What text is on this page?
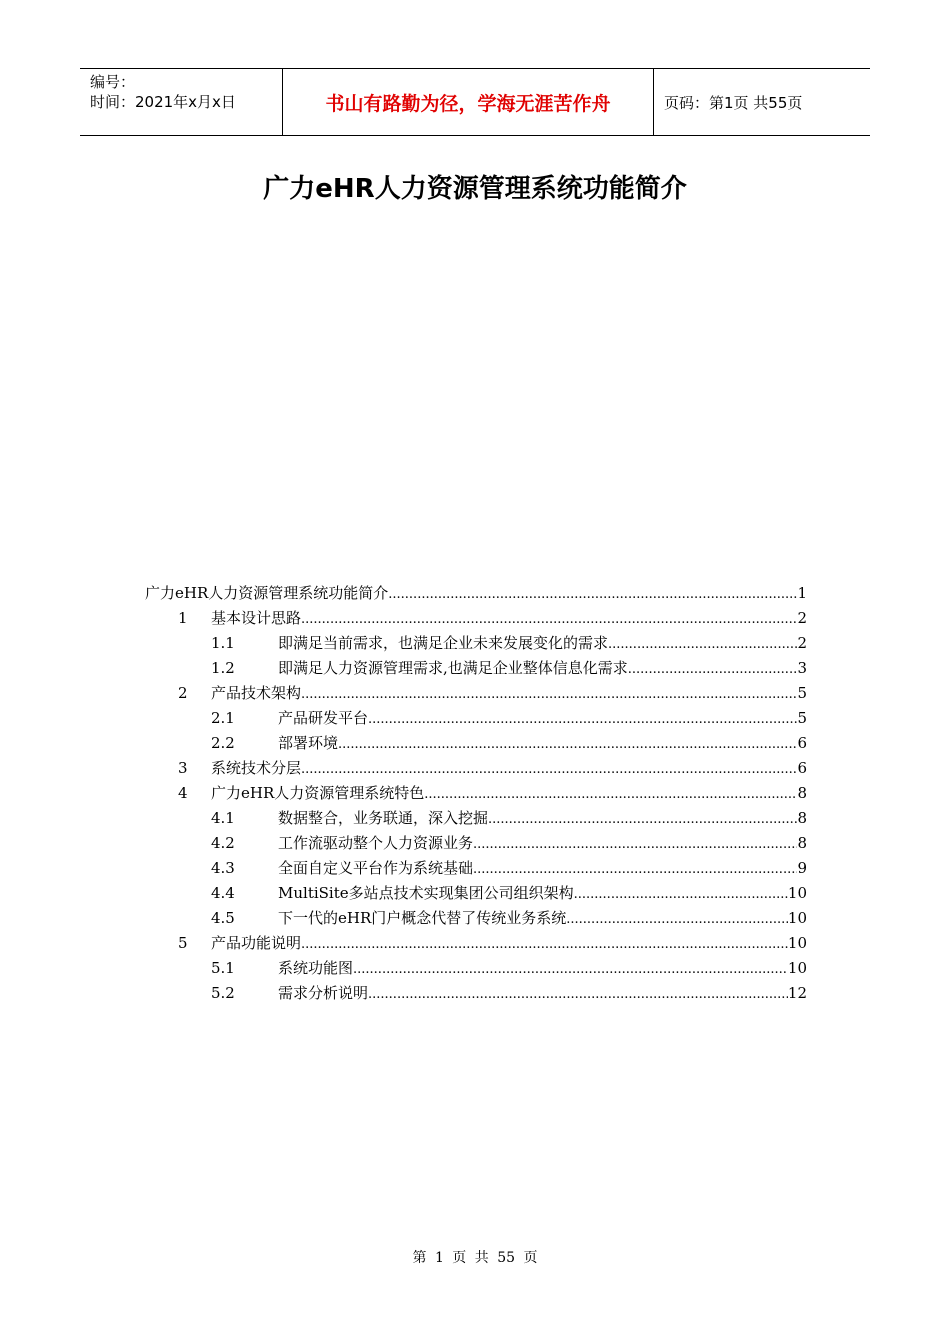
编号：
时间：2021年x月x日	书山有路勤为径，学海无涯苦作舟	页码：第1页 共55页
广力eHR人力资源管理系统功能简介
广力eHR人力资源管理系统功能简介 .....	1
1	基本设计思路 .....	2
1.1	即满足当前需求，也满足企业未来发展变化的需求 .....	2
1.2	即满足人力资源管理需求,也满足企业整体信息化需求 .....	3
2	产品技术架构 .....	5
2.1	产品研发平台 .....	5
2.2	部署环境 .....	6
3	系统技术分层 .....	6
4	广力eHR人力资源管理系统特色 .....	8
4.1	数据整合，业务联通，深入挖掘 .....	8
4.2	工作流驱动整个人力资源业务 .....	8
4.3	全面自定义平台作为系统基础 .....	9
4.4	MultiSite多站点技术实现集团公司组织架构 .....	10
4.5	下一代的eHR门户概念代替了传统业务系统 .....	10
5	产品功能说明 .....	10
5.1	系统功能图 .....	10
5.2	需求分析说明 .....	12
第 1 页 共 55 页
